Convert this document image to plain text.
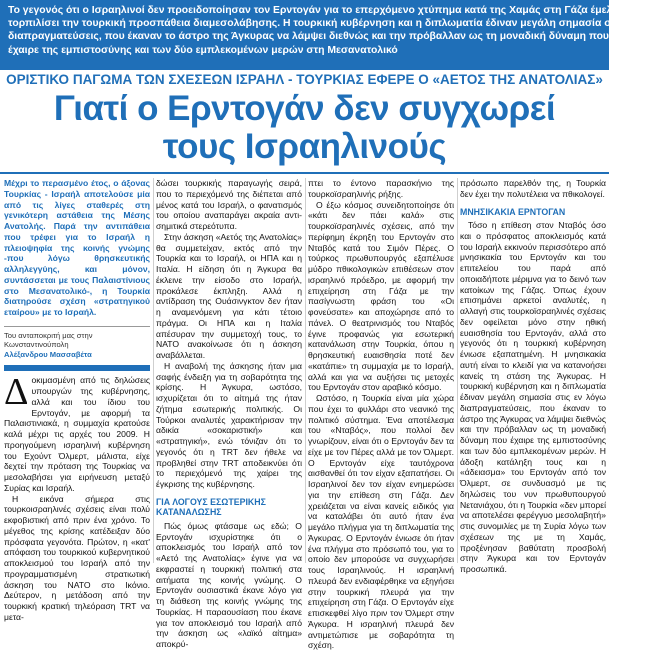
Το γεγονός ότι ο Ισραηλινοί δεν προειδοποίησαν τον Ερντογάν για το επερχόμενο χτύπημα κατά της Χαμάς στη Γάζα έμελλε να

τορπιλίσει την τουρκική προσπάθεια διαμεσολάβησης. Η τουρκική κυβέρνηση και η διπλωματία έδιναν μεγάλη σημασία στις εν λόγω

διαπραγματεύσεις, που έκαναν το άστρο της Άγκυρας να λάμψει διεθνώς και την πρόβαλλαν ως τη μοναδική δύναμη που

έχαιρε της εμπιστοσύνης και των δύο εμπλεκομένων μερών στη Μεσανατολικό

ΟΡΙΣΤΙΚΟ ΠΑΓΩΜΑ ΤΩΝ ΣΧΕΣΕΩΝ ΙΣΡΑΗΛ - ΤΟΥΡΚΙΑΣ ΕΦΕΡΕ Ο «ΑΕΤΟΣ ΤΗΣ ΑΝΑΤΟΛΙΑΣ»
Γιατί ο Ερντογάν δεν συγχωρεί
τους Ισραηλινούς

Μέχρι το περασμένο έτος, ο άξονας Τουρκίας - Ισραήλ αποτελούσε μία από τις λίγες σταθερές στη γενικότερη αστάθεια της Μέσης Ανατολής. Παρά την αντιπάθεια που τρέφει για το Ισραήλ η πλειοψηφία της κοινής γνώμης -που λόγω θρησκευτικής αλληλεγγύης, και μόνον, συντάσσεται με τους Παλαιστίνιους στο Μεσανατολικό-, η Τουρκία διατηρούσε σχέση «στρατηγικού εταίρου» με το Ισραήλ.

Του ανταποκριτή μας στην Κωνσταντινούπολη
Αλέξανδρου Μασσαβέτα

Δοκιμασμένη από τις δηλώσεις υπουργών της κυβέρνησης, αλλά και του ίδιου του Ερντογάν, με αφορμή τα Παλαιστινιακά, η συμμαχία κρατούσε καλά μέχρι τις αρχές του 2009. Η προηγούμενη ισραηλινή κυβέρνηση του Εχούντ Όλμερτ, μάλιστα, είχε δεχτεί την πρόταση της Τουρκίας να μεσολαβήσει για ειρήνευση μεταξύ Συρίας και Ισραήλ.

Η εικόνα σήμερα στις τουρκοισραηλινές σχέσεις είναι πολύ εκφοβιστική από πριν ένα χρόνο. Το μέγεθος της κρίσης κατέδειξαν δύο πρόσφατα γεγονότα. Πρώτον, η «κατ' απόφαση του τουρκικού κυβερνητικού αποκλεισμού του Ισραήλ από την προγραμματισμένη στρατιωτική άσκηση του ΝΑΤΟ στο Ικόνιο. Δεύτερον, η μετάδοση από την τουρκική κρατική τηλεόραση TRT να μετα-

δώσει τουρκικής παραγωγής σειρά, που το περιεχόμενό της διέπεται από μένος κατά του Ισραήλ, ο φανατισμός του οποίου αναπαράγει ακραία αντι-σημιτικά στερεότυπα.

Στην άσκηση «Αετός της Ανατολίας» θα συμμετείχαν, εκτός από την Τουρκία και το Ισραήλ, οι ΗΠΑ και η Ιταλία. Η είδηση ότι η Άγκυρα θα έκλεινε την είσοδο στο Ισραήλ, προκάλεσε έκπληξη. Αλλά η αντίδραση της Ουάσινγκτον δεν ήταν η αναμενόμενη για κάτι τέτοιο πράγμα. Οι ΗΠΑ και η Ιταλία απέσυραν την συμμετοχή τους, το ΝΑΤΟ ανακοίνωσε ότι η άσκηση αναβάλλεται.

Η αναβολή της άσκησης ήταν μια σαφής ένδειξη για τη σοβαρότητα της κρίσης. Η Άγκυρα, ωστόσο, ισχυρίζεται ότι το αίτημά της ήταν ζήτημα εσωτερικής πολιτικής. Οι Τούρκοι αναλυτές χαρακτήρισαν την αδικία «σοκαριστική» και «στρατηγική», ενώ τόνιζαν ότι το γεγονός ότι η ΤRT δεν ήθελε να προβληθεί στην ΤRT αποδεικνύει ότι το περιεχόμενό της χαίρει της έγκρισης της κυβέρνησης.

ΓΙΑ ΛΟΓΟΥΣ ΕΣΩΤΕΡΙΚΗΣ
ΚΑΤΑΝΑΛΩΣΗΣ

Πώς όμως φτάσαμε ως εδώ; Ο Ερντογάν ισχυρίστηκε ότι ο αποκλεισμός του Ισραήλ από τον «Αετό της Ανατολίας» έγινε για να εκφραστεί η τουρκική πολιτική στα αιτήματα της κοινής γνώμης. Ο Ερντογάν ουσιαστικά έκανε λόγο για τη διάθεση της κοινής γνώμης της Τουρκίας. Η παραουσίαση που έκανε για τον αποκλεισμό του Ισραήλ από την άσκηση ως «λαϊκό αίτημα» αποκρύ-

πτει το έντονο παρασκήνιο της τουρκοϊσραηλινής ρήξης.

Ο έξω κόσμος συνειδητοποίησε ότι «κάτι δεν πάει καλά» στις τουρκοϊσραηλινές σχέσεις, από την περίφημη έκρηξη του Ερντογάν στο Νταβός κατά του Σιμόν Πέρες. Ο τούρκος πρωθυπουργός εξαπέλυσε μύδρο πθικολογικών επιθέσεων στον ισραηλινό πρόεδρο, με αφορμή την επιχείρηση στη Γάζα με την πασίγνωστη φράση του «Οι φονεύσατε» και αποχώρησε από το πάνελ. Ο θεατρινισμός του Νταβός έγινε προφανώς για εσωτερική κατανάλωση στην Τουρκία, όπου η θρησκευτική ευαισθησία ποτέ δεν «κατάπιε» τη συμμαχία με το Ισραήλ, αλλά και για να αυξήσει τις μετοχές του Ερντογάν στον αραβικό κόσμο.

Ωστόσο, η Τουρκία είναι μία χώρα που έχει το φυλλάρι στο νεανικό της πολιτικό σύστημα. Ένα αποτέλεσμα του «Νταβός», που πολλοί δεν γνωρίζουν, είναι ότι ο Ερντογάν δεν τα είχε με τον Πέρες αλλά με τον Όλμερτ. Ο Ερντογάν είχε ταυτόχρονα αισθανθεί ότι τον είχαν εξαπατήσει. Οι Ισραηλινοί δεν τον είχαν ενημερώσει για την επίθεση στη Γάζα. Δεν χρειάζεται να είναι κανείς ειδικός για να καταλάβει ότι αυτό ήταν ένα μεγάλο πλήγμα για τη διπλωματία της Άγκυρας. Ο Ερντογάν ένιωσε ότι ήταν ένα πλήγμα στο πρόσωπό του, για το οποίο δεν μπορούσε να συγχωρήσει τους Ισραηλινούς. Η ισραηλινή πλευρά δεν ενδιαφέρθηκε να εξηγήσει στην τουρκική πλευρά για την επιχείρηση στη Γάζα. Ο Ερντογάν είχε επισκεφθεί λίγο πριν τον Όλμερτ στην Άγκυρα. Η ισραηλινή πλευρά δεν αντιμετώπισε με σοβαρότητα τη σχέση.

πρόσωπο παρελθόν της, η Τουρκία δεν έχει την πολυτέλεια να πθικολογεί.

ΜΝΗΣΙΚΑΚΙΑ ΕΡΝΤΟΓΑΝ

Τόσο η επίθεση στον Νταβός όσο και ο πρόσφατος αποκλεισμός κατά του Ισραήλ εκκινούν περισσότερο από μνησικακία του Ερντογάν και του επιτελείου του παρά από οποιαδήποτε μέριμνα για το δεινό των κατοίκων της Γάζας. Όπως έχουν επισημάνει αρκετοί αναλυτές, η αλλαγή στις τουρκοϊσραηλινές σχέσεις δεν οφείλεται μόνο στην ηθική ευαισθησία του Ερντογάν, αλλά στο γεγονός ότι η τουρκική κυβέρνηση ένιωσε εξαπατημένη. Η μνησικακία αυτή είναι το κλειδί για να κατανοήσει κανείς τη στάση της Άγκυρας. Η τουρκική κυβέρνηση και η διπλωματία έδιναν μεγάλη σημασία στις εν λόγω διαπραγματεύσεις, που έκαναν το άστρο της Άγκυρας να λάμψει διεθνώς και την πρόβαλλαν ως τη μοναδική δύναμη που έχαιρε της εμπιστοσύνης και των δύο εμπλεκομένων μερών. Η άδοξη κατάληξη τους και η «άδειασμα» του Ερντογάν από τον Όλμερτ, σε συνδυασμό με τις δηλώσεις του νυν πρωθυπουργού Νετανιάχου, ότι η Τουρκία «δεν μπορεί να αποτελέσει φερέγγυο μεσολαβητή» στις συνομιλίες με τη Συρία λόγω των σχέσεων της με τη Χαμάς, προξένησαν βαθύτατη προσβολή στην Άγκυρα και τον Ερντογάν προσωπικά.
